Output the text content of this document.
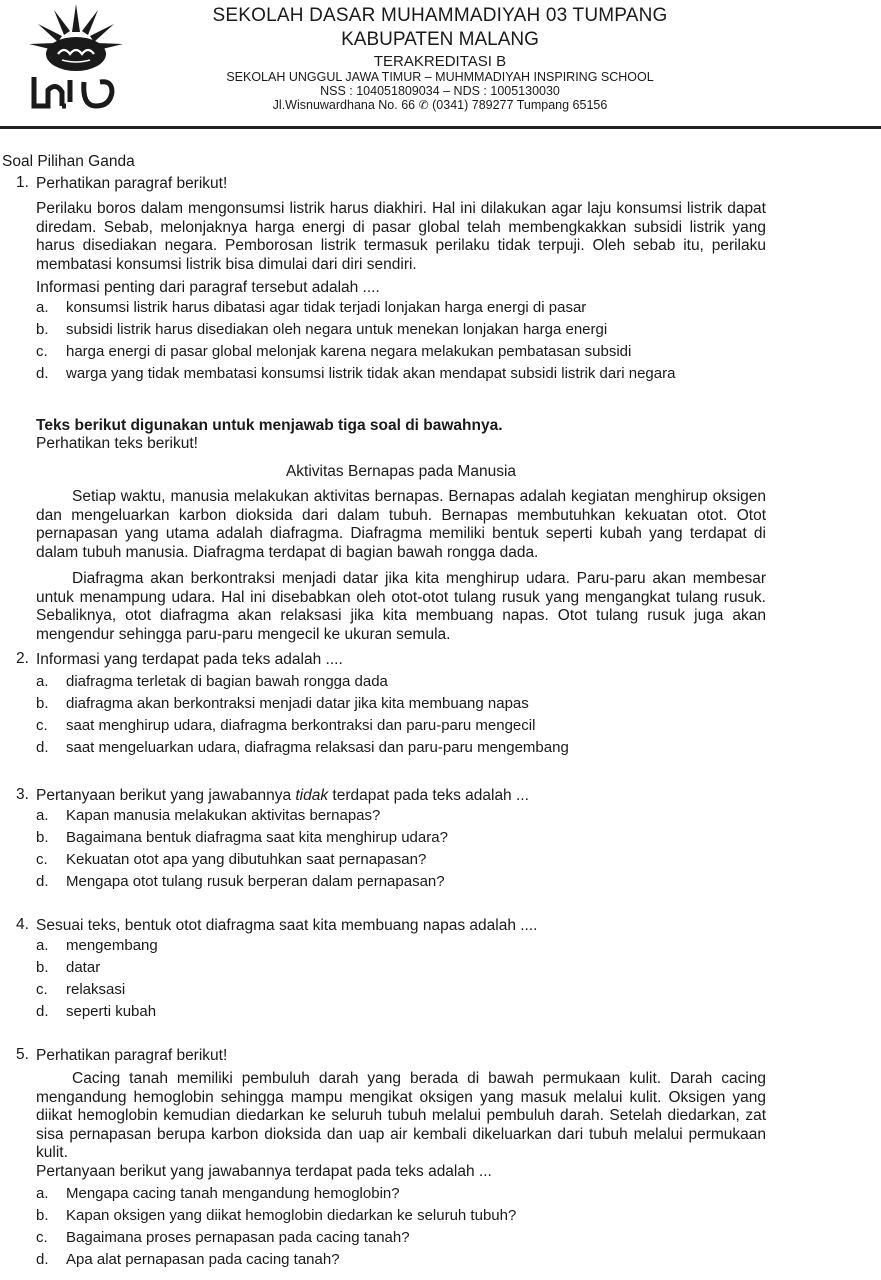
SEKOLAH DASAR MUHAMMADIYAH 03 TUMPANG
KABUPATEN MALANG
TERAKREDITASI B
SEKOLAH UNGGUL JAWA TIMUR – MUHMMADIYAH INSPIRING SCHOOL
NSS : 104051809034 – NDS : 1005130030
Jl.Wisnuwardhana No. 66 ✆ (0341) 789277 Tumpang 65156
Soal Pilihan Ganda
1. Perhatikan paragraf berikut!
Perilaku boros dalam mengonsumsi listrik harus diakhiri. Hal ini dilakukan agar laju konsumsi listrik dapat diredam. Sebab, melonjaknya harga energi di pasar global telah membengkakkan subsidi listrik yang harus disediakan negara. Pemborosan listrik termasuk perilaku tidak terpuji. Oleh sebab itu, perilaku membatasi konsumsi listrik bisa dimulai dari diri sendiri.
Informasi penting dari paragraf tersebut adalah ....
a. konsumsi listrik harus dibatasi agar tidak terjadi lonjakan harga energi di pasar
b. subsidi listrik harus disediakan oleh negara untuk menekan lonjakan harga energi
c. harga energi di pasar global melonjak karena negara melakukan pembatasan subsidi
d. warga yang tidak membatasi konsumsi listrik tidak akan mendapat subsidi listrik dari negara
Teks berikut digunakan untuk menjawab tiga soal di bawahnya.
Perhatikan teks berikut!
Aktivitas Bernapas pada Manusia
Setiap waktu, manusia melakukan aktivitas bernapas. Bernapas adalah kegiatan menghirup oksigen dan mengeluarkan karbon dioksida dari dalam tubuh. Bernapas membutuhkan kekuatan otot. Otot pernapasan yang utama adalah diafragma. Diafragma memiliki bentuk seperti kubah yang terdapat di dalam tubuh manusia. Diafragma terdapat di bagian bawah rongga dada.
Diafragma akan berkontraksi menjadi datar jika kita menghirup udara. Paru-paru akan membesar untuk menampung udara. Hal ini disebabkan oleh otot-otot tulang rusuk yang mengangkat tulang rusuk. Sebaliknya, otot diafragma akan relaksasi jika kita membuang napas. Otot tulang rusuk juga akan mengendur sehingga paru-paru mengecil ke ukuran semula.
2. Informasi yang terdapat pada teks adalah ....
a. diafragma terletak di bagian bawah rongga dada
b. diafragma akan berkontraksi menjadi datar jika kita membuang napas
c. saat menghirup udara, diafragma berkontraksi dan paru-paru mengecil
d. saat mengeluarkan udara, diafragma relaksasi dan paru-paru mengembang
3. Pertanyaan berikut yang jawabannya tidak terdapat pada teks adalah ...
a. Kapan manusia melakukan aktivitas bernapas?
b. Bagaimana bentuk diafragma saat kita menghirup udara?
c. Kekuatan otot apa yang dibutuhkan saat pernapasan?
d. Mengapa otot tulang rusuk berperan dalam pernapasan?
4. Sesuai teks, bentuk otot diafragma saat kita membuang napas adalah ....
a. mengembang
b. datar
c. relaksasi
d. seperti kubah
5. Perhatikan paragraf berikut!
Cacing tanah memiliki pembuluh darah yang berada di bawah permukaan kulit. Darah cacing mengandung hemoglobin sehingga mampu mengikat oksigen yang masuk melalui kulit. Oksigen yang diikat hemoglobin kemudian diedarkan ke seluruh tubuh melalui pembuluh darah. Setelah diedarkan, zat sisa pernapasan berupa karbon dioksida dan uap air kembali dikeluarkan dari tubuh melalui permukaan kulit.
Pertanyaan berikut yang jawabannya terdapat pada teks adalah ...
a. Mengapa cacing tanah mengandung hemoglobin?
b. Kapan oksigen yang diikat hemoglobin diedarkan ke seluruh tubuh?
c. Bagaimana proses pernapasan pada cacing tanah?
d. Apa alat pernapasan pada cacing tanah?
